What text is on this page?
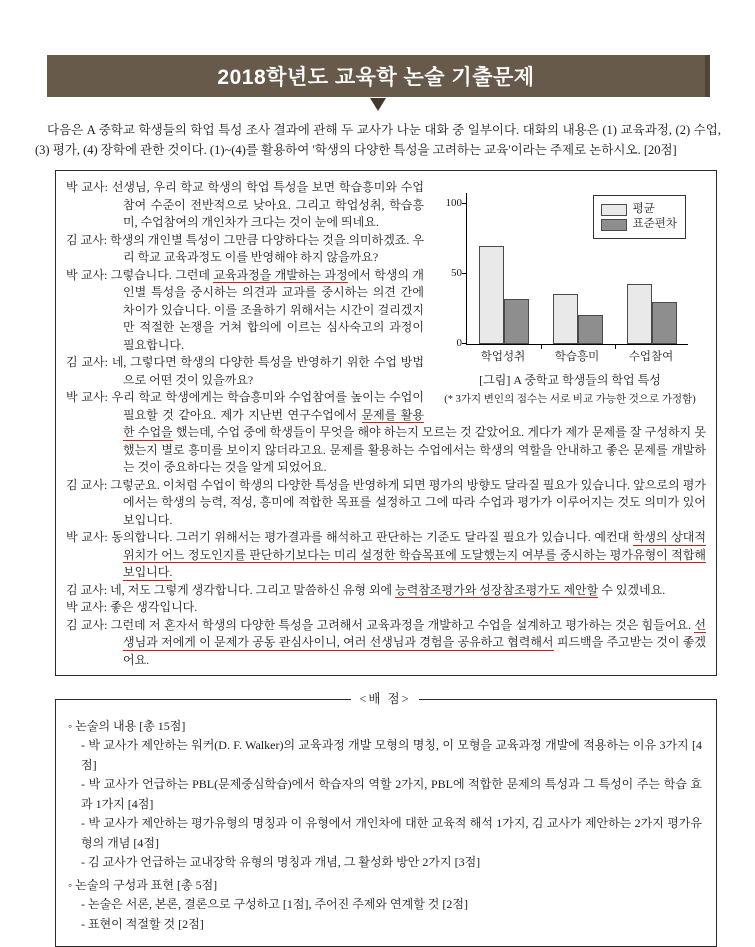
2018학년도 교육학 논술 기출문제

다음은 A 중학교 학생들의 학업 특성 조사 결과에 관해 두 교사가 나눈 대화 중 일부이다. 대화의 내용은 (1) 교육과정, (2) 수업, (3) 평가, (4) 장학에 관한 것이다. (1)~(4)를 활용하여 '학생의 다양한 특성을 고려하는 교육'이라는 주제로 논하시오. [20점]

평균
표준편차
0
50
100
학업성취	학습흥미	수업참여
[그림] A 중학교 학생들의 학업 특성
(* 3가지 변인의 점수는 서로 비교 가능한 것으로 가정함)

박 교사: 선생님, 우리 학교 학생의 학업 특성을 보면 학습흥미와 수업참여 수준이 전반적으로 낮아요. 그리고 학업성취, 학습흥미, 수업참여의 개인차가 크다는 것이 눈에 띄네요.

김 교사: 학생의 개인별 특성이 그만큼 다양하다는 것을 의미하겠죠. 우리 학교 교육과정도 이를 반영해야 하지 않을까요?

박 교사: 그렇습니다. 그런데 교육과정을 개발하는 과정에서 학생의 개인별 특성을 중시하는 의견과 교과를 중시하는 의견 간에 차이가 있습니다. 이를 조율하기 위해서는 시간이 걸리겠지만 적절한 논쟁을 거쳐 합의에 이르는 심사숙고의 과정이 필요합니다.

김 교사: 네, 그렇다면 학생의 다양한 특성을 반영하기 위한 수업 방법으로 어떤 것이 있을까요?

박 교사: 우리 학교 학생에게는 학습흥미와 수업참여를 높이는 수업이 필요할 것 같아요. 제가 지난번 연구수업에서 문제를 활용한 수업을 했는데, 수업 중에 학생들이 무엇을 해야 하는지 모르는 것 같았어요. 게다가 제가 문제를 잘 구성하지 못했는지 별로 흥미를 보이지 않더라고요. 문제를 활용하는 수업에서는 학생의 역할을 안내하고 좋은 문제를 개발하는 것이 중요하다는 것을 알게 되었어요.

김 교사: 그렇군요. 이처럼 수업이 학생의 다양한 특성을 반영하게 되면 평가의 방향도 달라질 필요가 있습니다. 앞으로의 평가에서는 학생의 능력, 적성, 흥미에 적합한 목표를 설정하고 그에 따라 수업과 평가가 이루어지는 것도 의미가 있어 보입니다.

박 교사: 동의합니다. 그러기 위해서는 평가결과를 해석하고 판단하는 기준도 달라질 필요가 있습니다. 예컨대 학생의 상대적 위치가 어느 정도인지를 판단하기보다는 미리 설정한 학습목표에 도달했는지 여부를 중시하는 평가유형이 적합해 보입니다.

김 교사: 네, 저도 그렇게 생각합니다. 그리고 말씀하신 유형 외에 능력참조평가와 성장참조평가도 제안할 수 있겠네요.

박 교사: 좋은 생각입니다.

김 교사: 그런데 저 혼자서 학생의 다양한 특성을 고려해서 교육과정을 개발하고 수업을 설계하고 평가하는 것은 힘들어요. 선생님과 저에게 이 문제가 공동 관심사이니, 여러 선생님과 경험을 공유하고 협력해서 피드백을 주고받는 것이 좋겠어요.

<배 점>
◦ 논술의 내용 [총 15점]
- 박 교사가 제안하는 워커(D. F. Walker)의 교육과정 개발 모형의 명칭, 이 모형을 교육과정 개발에 적용하는 이유 3가지 [4점]
- 박 교사가 언급하는 PBL(문제중심학습)에서 학습자의 역할 2가지, PBL에 적합한 문제의 특성과 그 특성이 주는 학습 효과 1가지 [4점]
- 박 교사가 제안하는 평가유형의 명칭과 이 유형에서 개인차에 대한 교육적 해석 1가지, 김 교사가 제안하는 2가지 평가유형의 개념 [4점]
- 김 교사가 언급하는 교내장학 유형의 명칭과 개념, 그 활성화 방안 2가지 [3점]
◦ 논술의 구성과 표현 [총 5점]
- 논술은 서론, 본론, 결론으로 구성하고 [1점], 주어진 주제와 연계할 것 [2점]
- 표현이 적절할 것 [2점]
